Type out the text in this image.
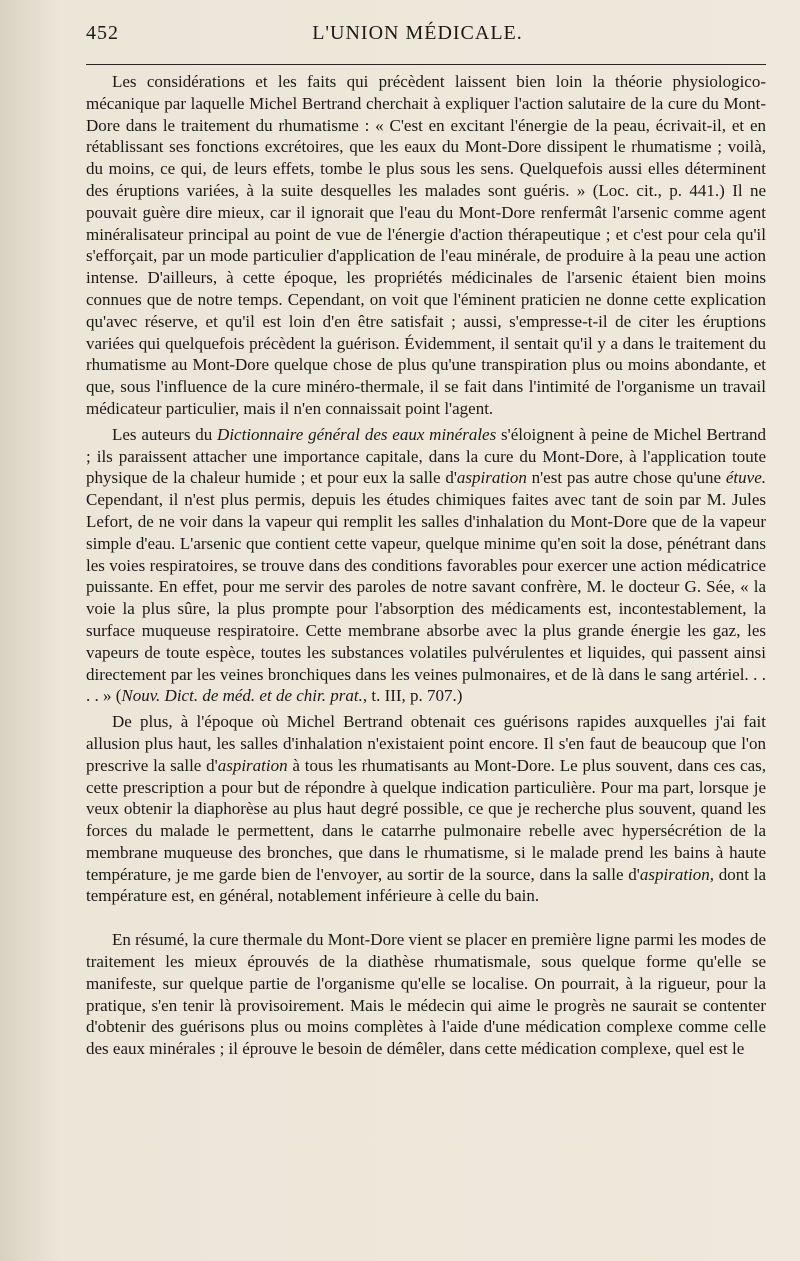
452	L'UNION MÉDICALE.

Les considérations et les faits qui précèdent laissent bien loin la théorie physiologico-mécanique par laquelle Michel Bertrand cherchait à expliquer l'action salutaire de la cure du Mont-Dore dans le traitement du rhumatisme : « C'est en excitant l'énergie de la peau, écrivait-il, et en rétablissant ses fonctions excrétoires, que les eaux du Mont-Dore dissipent le rhumatisme ; voilà, du moins, ce qui, de leurs effets, tombe le plus sous les sens. Quelquefois aussi elles déterminent des éruptions variées, à la suite desquelles les malades sont guéris. » (Loc. cit., p. 441.) Il ne pouvait guère dire mieux, car il ignorait que l'eau du Mont-Dore renfermât l'arsenic comme agent minéralisateur principal au point de vue de l'énergie d'action thérapeutique ; et c'est pour cela qu'il s'efforçait, par un mode particulier d'application de l'eau minérale, de produire à la peau une action intense. D'ailleurs, à cette époque, les propriétés médicinales de l'arsenic étaient bien moins connues que de notre temps. Cependant, on voit que l'éminent praticien ne donne cette explication qu'avec réserve, et qu'il est loin d'en être satisfait ; aussi, s'empresse-t-il de citer les éruptions variées qui quelquefois précèdent la guérison. Évidemment, il sentait qu'il y a dans le traitement du rhumatisme au Mont-Dore quelque chose de plus qu'une transpiration plus ou moins abondante, et que, sous l'influence de la cure minéro-thermale, il se fait dans l'intimité de l'organisme un travail médicateur particulier, mais il n'en connaissait point l'agent.

Les auteurs du Dictionnaire général des eaux minérales s'éloignent à peine de Michel Bertrand ; ils paraissent attacher une importance capitale, dans la cure du Mont-Dore, à l'application toute physique de la chaleur humide ; et pour eux la salle d'aspiration n'est pas autre chose qu'une étuve. Cependant, il n'est plus permis, depuis les études chimiques faites avec tant de soin par M. Jules Lefort, de ne voir dans la vapeur qui remplit les salles d'inhalation du Mont-Dore que de la vapeur simple d'eau. L'arsenic que contient cette vapeur, quelque minime qu'en soit la dose, pénétrant dans les voies respiratoires, se trouve dans des conditions favorables pour exercer une action médicatrice puissante. En effet, pour me servir des paroles de notre savant confrère, M. le docteur G. Sée, « la voie la plus sûre, la plus prompte pour l'absorption des médicaments est, incontestablement, la surface muqueuse respiratoire. Cette membrane absorbe avec la plus grande énergie les gaz, les vapeurs de toute espèce, toutes les substances volatiles pulvérulentes et liquides, qui passent ainsi directement par les veines bronchiques dans les veines pulmonaires, et de là dans le sang artériel. . . . . » (Nouv. Dict. de méd. et de chir. prat., t. III, p. 707.)

De plus, à l'époque où Michel Bertrand obtenait ces guérisons rapides auxquelles j'ai fait allusion plus haut, les salles d'inhalation n'existaient point encore. Il s'en faut de beaucoup que l'on prescrive la salle d'aspiration à tous les rhumatisants au Mont-Dore. Le plus souvent, dans ces cas, cette prescription a pour but de répondre à quelque indication particulière. Pour ma part, lorsque je veux obtenir la diaphorèse au plus haut degré possible, ce que je recherche plus souvent, quand les forces du malade le permettent, dans le catarrhe pulmonaire rebelle avec hypersécrétion de la membrane muqueuse des bronches, que dans le rhumatisme, si le malade prend les bains à haute température, je me garde bien de l'envoyer, au sortir de la source, dans la salle d'aspiration, dont la température est, en général, notablement inférieure à celle du bain.

En résumé, la cure thermale du Mont-Dore vient se placer en première ligne parmi les modes de traitement les mieux éprouvés de la diathèse rhumatismale, sous quelque forme qu'elle se manifeste, sur quelque partie de l'organisme qu'elle se localise. On pourrait, à la rigueur, pour la pratique, s'en tenir là provisoirement. Mais le médecin qui aime le progrès ne saurait se contenter d'obtenir des guérisons plus ou moins complètes à l'aide d'une médication complexe comme celle des eaux minérales ; il éprouve le besoin de démêler, dans cette médication complexe, quel est le
